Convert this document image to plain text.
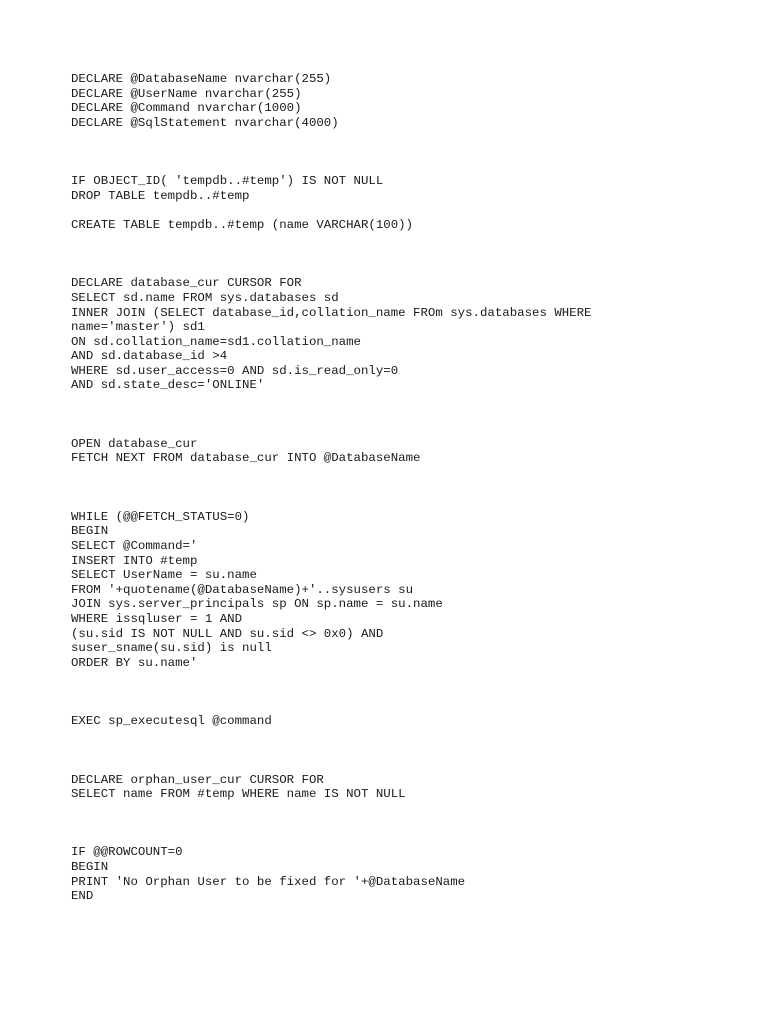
DECLARE @DatabaseName nvarchar(255)
DECLARE @UserName nvarchar(255)
DECLARE @Command nvarchar(1000)
DECLARE @SqlStatement nvarchar(4000)
IF OBJECT_ID( 'tempdb..#temp') IS NOT NULL
DROP TABLE tempdb..#temp
CREATE TABLE tempdb..#temp (name VARCHAR(100))
DECLARE database_cur CURSOR FOR
SELECT sd.name FROM sys.databases sd
INNER JOIN (SELECT database_id,collation_name FROm sys.databases WHERE
name='master') sd1
ON sd.collation_name=sd1.collation_name
AND sd.database_id >4
WHERE sd.user_access=0 AND sd.is_read_only=0
AND sd.state_desc='ONLINE'
OPEN database_cur
FETCH NEXT FROM database_cur INTO @DatabaseName
WHILE (@@FETCH_STATUS=0)
BEGIN
SELECT @Command='
INSERT INTO #temp
SELECT UserName = su.name
FROM '+quotename(@DatabaseName)+'..sysusers su
JOIN sys.server_principals sp ON sp.name = su.name
WHERE issqluser = 1 AND
(su.sid IS NOT NULL AND su.sid <> 0x0) AND
suser_sname(su.sid) is null
ORDER BY su.name'
EXEC sp_executesql @command
DECLARE orphan_user_cur CURSOR FOR
SELECT name FROM #temp WHERE name IS NOT NULL
IF @@ROWCOUNT=0
BEGIN
PRINT 'No Orphan User to be fixed for '+@DatabaseName
END
